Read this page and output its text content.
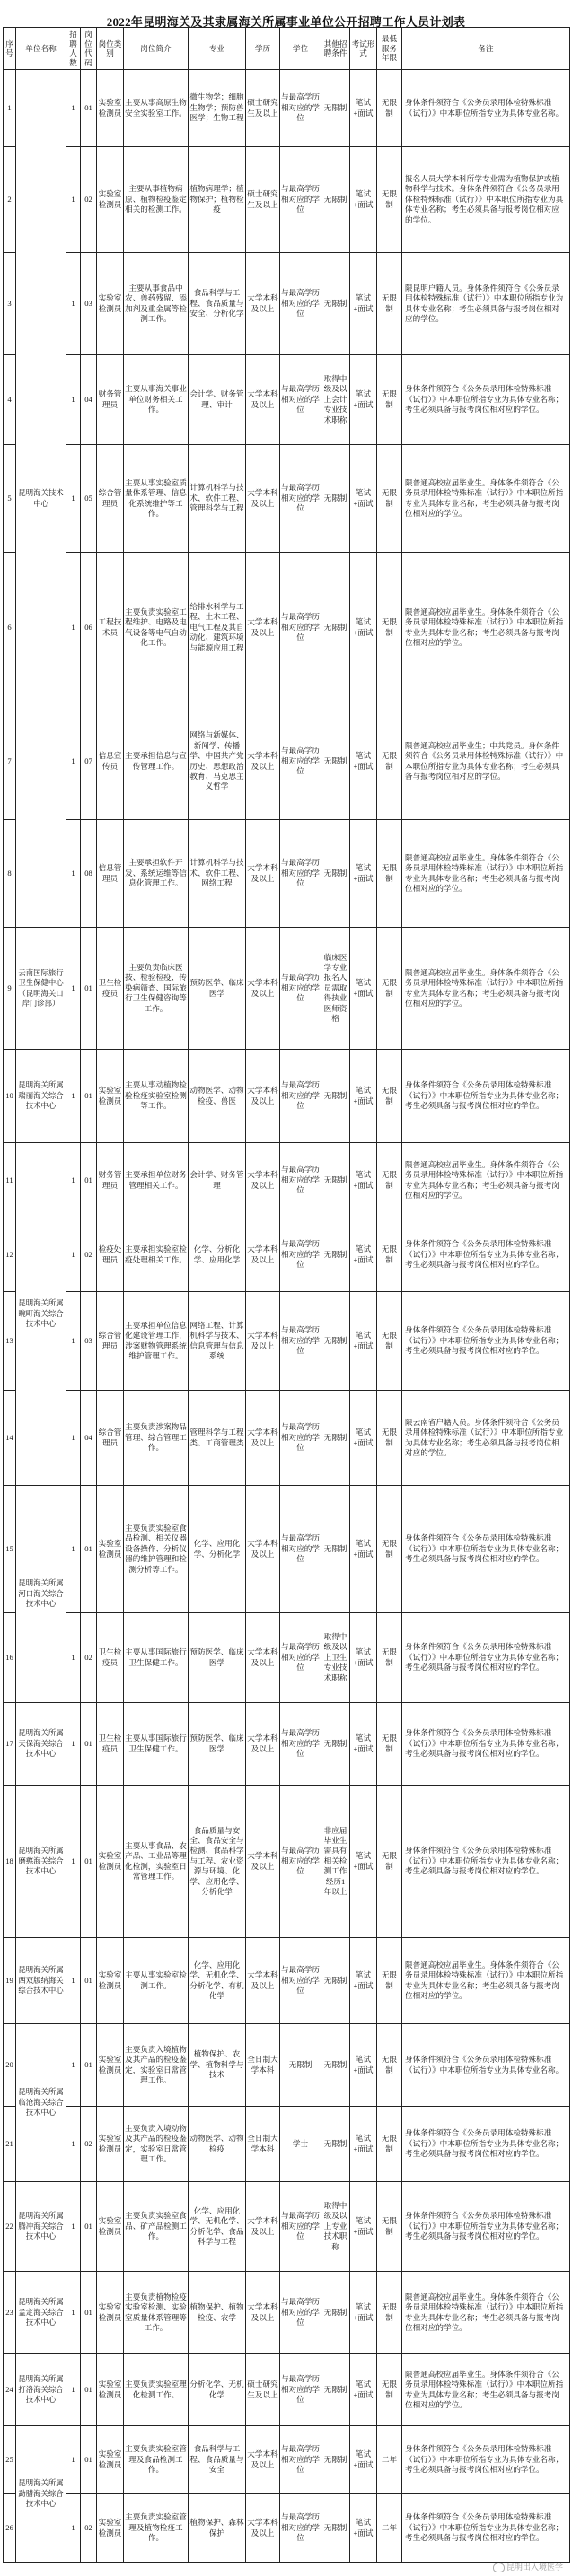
2022年昆明海关及其隶属海关所属事业单位公开招聘工作人员计划表
序号	单位名称	招聘人数	岗位代码	岗位类别	岗位简介	专业	学历	学位	其他招聘条件	考试形式	最低服务年限	备注
1	昆明海关技术中心	1	01	实验室检测员	主要从事高原生物安全实验室工作。	微生物学；细胞生物学；预防兽医学；生物工程	硕士研究生及以上	与最高学历相对应的学位	无限制	笔试+面试	无限制	身体条件须符合《公务员录用体检特殊标准（试行）》中本职位所指专业为具体专业名称。
2		1	02	实验室检测员	主要从事植物病原、植物检疫鉴定相关的检测工作。	植物病理学；植物保护；植物检疫	硕士研究生及以上	与最高学历相对应的学位	无限制	笔试+面试	无限制	报名人员大学本科所学专业需为植物保护或植物科学与技术。身体条件须符合《公务员录用体检特殊标准（试行）》中本职位所指专业为具体专业名称；考生必须具备与报考岗位相对应的学位。
3		1	03	实验室检测员	主要从事食品中农、兽药残留、添加剂及重金属等检测工作。	食品科学与工程、食品质量与安全、分析化学	大学本科及以上	与最高学历相对应的学位	无限制	笔试+面试	无限制	限昆明户籍人员。身体条件须符合《公务员录用体检特殊标准（试行）》中本职位所指专业为具体专业名称；考生必须具备与报考岗位相对应的学位。
4		1	04	财务管理员	主要从事海关事业单位财务相关工作。	会计学、财务管理、审计	大学本科及以上	与最高学历相对应的学位	取得中级及以上会计专业技术职称	笔试+面试	无限制	身体条件须符合《公务员录用体检特殊标准（试行）》中本职位所指专业为具体专业名称；考生必须具备与报考岗位相对应的学位。
5		1	05	综合管理员	主要从事实验室质量体系管理、信息化系统维护等工作。	计算机科学与技术、软件工程、管理科学与工程	大学本科及以上	与最高学历相对应的学位	无限制	笔试+面试	无限制	限普通高校应届毕业生。身体条件须符合《公务员录用体检特殊标准（试行）》中本职位所指专业为具体专业名称；考生必须具备与报考岗位相对应的学位。
6		1	06	工程技术员	主要负责实验室工程维护、电路及电气设备等电气自动化工作。	给排水科学与工程、土木工程、电气工程及其自动化、建筑环境与能源应用工程	大学本科及以上	与最高学历相对应的学位	无限制	笔试+面试	无限制	限普通高校应届毕业生。身体条件须符合《公务员录用体检特殊标准（试行）》中本职位所指专业为具体专业名称；考生必须具备与报考岗位相对应的学位。
7		1	07	信息宣传员	主要承担信息与宣传管理工作。	网络与新媒体、新闻学、传播学、中国共产党历史、思想政治教育、马克思主义哲学	大学本科及以上	与最高学历相对应的学位	无限制	笔试+面试	无限制	限普通高校应届毕业生；中共党员。身体条件须符合《公务员录用体检特殊标准（试行）》中本职位所指专业为具体专业名称；考生必须具备与报考岗位相对应的学位。
8		1	08	信息管理员	主要承担软件开发、系统运维等信息化管理工作。	计算机科学与技术、软件工程、网络工程	大学本科及以上	与最高学历相对应的学位	无限制	笔试+面试	无限制	限普通高校应届毕业生。身体条件须符合《公务员录用体检特殊标准（试行）》中本职位所指专业为具体专业名称；考生必须具备与报考岗位相对应的学位。
9	云南国际旅行卫生保健中心（昆明海关口岸门诊部）	1	01	卫生检疫员	主要负责临床医技、检验检疫、传染病筛查、国际旅行卫生保健咨询等工作。	预防医学、临床医学	大学本科及以上	与最高学历相对应的学位	临床医学专业报名人员需取得执业医师资格	笔试+面试	无限制	限普通高校应届毕业生。身体条件须符合《公务员录用体检特殊标准（试行）》中本职位所指专业为具体专业名称；考生必须具备与报考岗位相对应的学位。
10	昆明海关所属瑞丽海关综合技术中心	1	01	实验室检测员	主要从事动植物检验检疫实验室检测等工作。	动物医学、动物检疫、兽医	大学本科及以上	与最高学历相对应的学位	无限制	笔试+面试	无限制	身体条件须符合《公务员录用体检特殊标准（试行）》中本职位所指专业为具体专业名称；考生必须具备与报考岗位相对应的学位。
11	昆明海关所属畹町海关综合技术中心	1	01	财务管理员	主要承担单位财务管理相关工作。	会计学、财务管理	大学本科及以上	与最高学历相对应的学位	无限制	笔试+面试	无限制	限普通高校应届毕业生。身体条件须符合《公务员录用体检特殊标准（试行）》中本职位所指专业为具体专业名称；考生必须具备与报考岗位相对应的学位。
12		1	02	检疫处理员	主要承担实验室检疫处理相关工作。	化学、分析化学、应用化学	大学本科及以上	与最高学历相对应的学位	无限制	笔试+面试	无限制	身体条件须符合《公务员录用体检特殊标准（试行）》中本职位所指专业为具体专业名称；考生必须具备与报考岗位相对应的学位。
13		1	03	综合管理员	主要承担单位信息化建设管理工作，涉案财物管理系统维护管理工作。	网络工程、计算机科学与技术、信息管理与信息系统	大学本科及以上	与最高学历相对应的学位	无限制	笔试+面试	无限制	身体条件须符合《公务员录用体检特殊标准（试行）》中本职位所指专业为具体专业名称；考生必须具备与报考岗位相对应的学位。
14		1	04	综合管理员	主要负责涉案物品管理、综合管理工作。	管理科学与工程类、工商管理类	大学本科及以上	与最高学历相对应的学位	无限制	笔试+面试	无限制	限云南省户籍人员。身体条件须符合《公务员录用体检特殊标准（试行）》中本职位所指专业为具体专业名称；考生必须具备与报考岗位相对应的学位。
15	昆明海关所属河口海关综合技术中心	1	01	实验室检测员	主要负责实验室食品检测、相关仪器设备操作、分析仪器的维护管理和检测分析等工作。	化学、应用化学、分析化学	大学本科及以上	与最高学历相对应的学位	无限制	笔试+面试	无限制	身体条件须符合《公务员录用体检特殊标准（试行）》中本职位所指专业为具体专业名称；考生必须具备与报考岗位相对应的学位。
16		1	02	卫生检疫员	主要从事国际旅行卫生保健工作。	预防医学、临床医学	大学本科及以上	与最高学历相对应的学位	取得中级及以上卫生专业技术职称	笔试+面试	无限制	身体条件须符合《公务员录用体检特殊标准（试行）》中本职位所指专业为具体专业名称；考生必须具备与报考岗位相对应的学位。
17	昆明海关所属天保海关综合技术中心	1	01	卫生检疫员	主要从事国际旅行卫生保健工作。	预防医学、临床医学	大学本科及以上	与最高学历相对应的学位	无限制	笔试+面试	无限制	身体条件须符合《公务员录用体检特殊标准（试行）》中本职位所指专业为具体专业名称；考生必须具备与报考岗位相对应的学位。
18	昆明海关所属磨憨海关综合技术中心	1	01	实验室检测员	主要从事食品、农产品、工业品等理化检测，实验室日常管理工作。	食品质量与安全、食品安全与检测、食品科学与工程、农业资源与环境、化学、应用化学、分析化学	大学本科及以上	与最高学历相对应的学位	非应届毕业生需具有相关检测工作经历1年以上	笔试+面试	无限制	身体条件须符合《公务员录用体检特殊标准（试行）》中本职位所指专业为具体专业名称；考生必须具备与报考岗位相对应的学位。
19	昆明海关所属西双版纳海关综合技术中心	1	01	实验室检测员	主要从事实验室检测工作。	化学、应用化学、无机化学、分析化学、有机化学	大学本科及以上	与最高学历相对应的学位	无限制	笔试+面试	无限制	限普通高校应届毕业生。身体条件须符合《公务员录用体检特殊标准（试行）》中本职位所指专业为具体专业名称；考生必须具备与报考岗位相对应的学位。
20	昆明海关所属临沧海关综合技术中心	1	01	实验室检测员	主要负责入境植物及其产品的检疫鉴定，实验室日常管理工作。	植物保护、农学、植物科学与技术	全日制大学本科	无限制	无限制	笔试+面试	无限制	身体条件须符合《公务员录用体检特殊标准（试行）》中本职位所指专业为具体专业名称。
21		1	02	实验室检测员	主要负责入境动物及其产品的检疫鉴定，实验室日常管理工作。	动物医学、动物检疫	全日制大学本科	学士	无限制	笔试+面试	无限制	身体条件须符合《公务员录用体检特殊标准（试行）》中本职位所指专业为具体专业名称；考生必须具备与报考岗位相对应的学位。
22	昆明海关所属腾冲海关综合技术中心	1	01	实验室检测员	主要负责实验室食品、矿产品检测工作。	化学、应用化学、无机化学、分析化学、食品科学与工程	大学本科及以上	与最高学历相对应的学位	取得中级及以上专业技术职称	笔试+面试	无限制	身体条件须符合《公务员录用体检特殊标准（试行）》中本职位所指专业为具体专业名称；考生必须具备与报考岗位相对应的学位。
23	昆明海关所属孟定海关综合技术中心	1	01	实验室检测员	主要负责植物检疫实验室检测、实验室质量体系管理等工作。	植物保护、植物检疫、农学	大学本科及以上	与最高学历相对应的学位	无限制	笔试+面试	无限制	限普通高校应届毕业生。身体条件须符合《公务员录用体检特殊标准（试行）》中本职位所指专业为具体专业名称；考生必须具备与报考岗位相对应的学位。
24	昆明海关所属打洛海关综合技术中心	1	01	实验室检测员	主要负责实验室理化检测工作。	分析化学、无机化学	硕士研究生及以上	与最高学历相对应的学位	无限制	笔试+面试	无限制	限普通高校应届毕业生。身体条件须符合《公务员录用体检特殊标准（试行）》中本职位所指专业为具体专业名称；考生必须具备与报考岗位相对应的学位。
25	昆明海关所属勐腊海关综合技术中心	1	01	实验室检测员	主要负责实验室管理及食品检测工作。	食品科学与工程、食品质量与安全	大学本科及以上	与最高学历相对应的学位	无限制	笔试+面试	二年	身体条件须符合《公务员录用体检特殊标准（试行）》中本职位所指专业为具体专业名称；考生必须具备与报考岗位相对应的学位。
26		1	02	实验室检测员	主要负责实验室管理及植物检疫工作。	植物保护、森林保护	大学本科及以上	与最高学历相对应的学位	无限制	笔试+面试	二年	身体条件须符合《公务员录用体检特殊标准（试行）》中本职位所指专业为具体专业名称；考生必须具备与报考岗位相对应的学位。
昆明出入境医学
